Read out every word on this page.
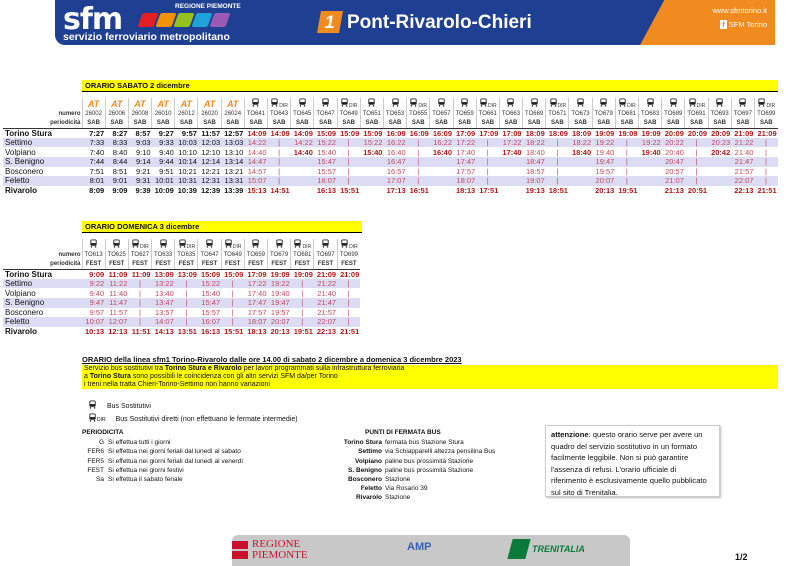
sfm	REGIONE PIEMONTE
servizio ferroviario metropolitano
1 Pont-Rivarolo-Chieri
www.sfmtorino.it
f SFM Torino
ORARIO SABATO 2 dicembre
	AT	AT	AT	AT	AT	AT	AT		DIR			DIR			DIR			DIR			DIR			DIR			DIR			DIR
numero	26002	26006	26008	26010	26012	26020	26024	TO641	TO643	TO645	TO647	TO649	TO651	TO653	TO655	TO657	TO659	TO661	TO663	TO669	TO671	TO673	TO679	TO681	TO683	TO689	TO691	TO693	TO697	TO699
periodicità	SAB	SAB	SAB	SAB	SAB	SAB	SAB	SAB	SAB	SAB	SAB	SAB	SAB	SAB	SAB	SAB	SAB	SAB	SAB	SAB	SAB	SAB	SAB	SAB	SAB	SAB	SAB	SAB	SAB	SAB
Torino Stura	7:27	8:27	8:57	9:27	9:57	11:57	12:57	14:09	14:09	14:09	15:09	15:09	15:09	16:09	16:09	16:09	17:09	17:09	17:09	18:09	18:09	18:09	19:09	19:09	19:09	20:09	20:09	20:09	21:09	21:09
Settimo	7:33	8:33	9:03	9:33	10:03	12:03	13:03	14:22	|	14:22	15:22	|	15:22	16:22	|	16:22	17:22	|	17:22	18:22	|	18:22	19:22	|	19:22	20:22	|	20:23	21:22	|
Volpiano	7:40	8:40	9:10	9:40	10:10	12:10	13:10	14:40	|	14:40	15:40	|	15:40	16:40	|	16:40	17:40	|	17:40	18:40	|	18:40	19:40	|	19:40	20:40	|	20:42	21:40	|
S. Benigno	7:44	8:44	9:14	9:44	10:14	12:14	13:14	14:47	|		15:47	|		16:47	|		17:47	|		18:47	|		19:47	|		20:47	|		21:47	|
Bosconero	7:51	8:51	9:21	9:51	10:21	12:21	13:21	14:57	|		15:57	|		16:57	|		17:57	|		18:57	|		19:57	|		20:57	|		21:57	|
Feletto	8:01	9:01	9:31	10:01	10:31	12:31	13:31	15:07	|		16:07	|		17:07	|		18:07	|		19:07	|		20:07	|		21:07	|		22:07	|
Rivarolo	8:09	9:09	9:39	10:09	10:39	12:39	13:39	15:13	14:51		16:13	15:51		17:13	16:51		18:13	17:51		19:13	18:51		20:13	19:51		21:13	20:51		22:13	21:51
ORARIO DOMENICA 3 dicembre
			DIR		DIR		DIR			DIR		DIR
numero	TO613	TO625	TO627	TO633	TO635	TO647	TO649	TO659	TO679	TO681	TO697	TO699
periodicità	FEST	FEST	FEST	FEST	FEST	FEST	FEST	FEST	FEST	FEST	FEST	FEST
Torino Stura	9:09	11:09	11:09	13:09	13:09	15:09	15:09	17:09	19:09	19:09	21:09	21:09
Settimo	9:22	11:22	|	13:22	|	15:22	|	17:22	19:22	|	21:22	|
Volpiano	9:40	11:40	|	13:40	|	15:40	|	17:40	19:40	|	21:40	|
S. Benigno	9:47	11:47	|	13:47	|	15:47	|	17:47	19:47	|	21:47	|
Bosconero	9:57	11:57	|	13:57	|	15:57	|	17:57	19:57	|	21:57	|
Feletto	10:07	12:07	|	14:07	|	16:07	|	18:07	20:07	|	22:07	|
Rivarolo	10:13	12:13	11:51	14:13	13:51	16:13	15:51	18:13	20:13	19:51	22:13	21:51
ORARIO della linea sfm1 Torino-Rivarolo dalle ore 14.00 di sabato 2 dicembre a domenica 3 dicembre 2023
Servizio bus sostitutivi tra Torino Stura e Rivarolo per lavori programmati sulla infrastruttura ferroviaria
a Torino Stura sono possibili le coincidenza con gli altri servizi SFM da/per Torino
i treni nella tratta Chieri-Torino-Settimo non hanno variazioni
Bus Sostitutivi
DIR Bus Sostitutivi diretti (non effettuano le fermate intermedie)
PERIODICITA
G Si effettua tutti i giorni
FER6 Si effettua nei giorni feriali dal lunedì al sabato
FER5 Si effettua nei giorni feriali dal lunedì al venerdì
FEST Si effettua nei giorni festivi
Sa Si effettua il sabato feriale
PUNTI DI FERMATA BUS
Torino Stura fermata bus Stazione Stura
Settimo via Schiapparelli altezza pensilina Bus
Volpiano paline bus prossimità Stazione
S. Benigno paline bus prossimità Stazione
Bosconero Stazione
Feletto Via Rosario 39
Rivarolo Stazione
attenzione: questo orario serve per avere un quadro del servizio sostitutivo in un formato facilmente leggibile. Non si può garantire l'assenza di refusi. L'orario ufficiale di riferimento è esclusivamente quello pubblicato sul sito di Trenitalia.
REGIONE
PIEMONTE
AMP	TRENITALIA
1/2
